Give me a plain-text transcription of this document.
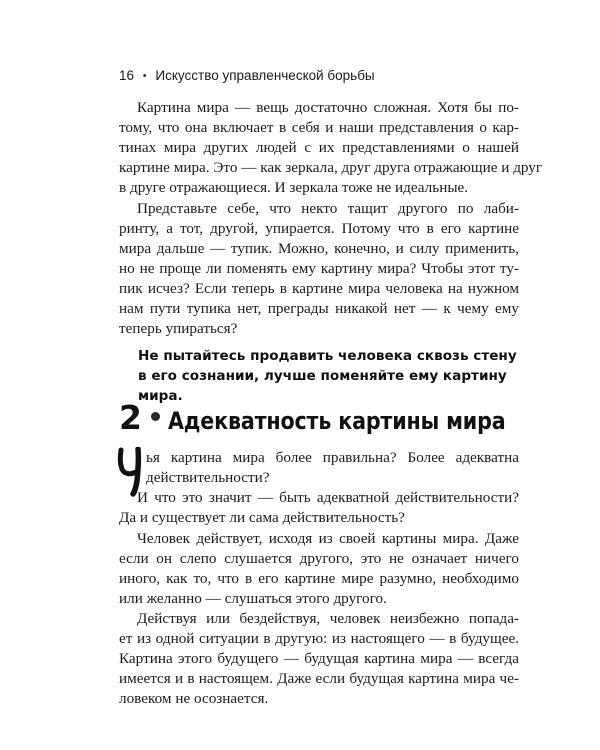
16 • Искусство управленческой борьбы

Картина мира — вещь достаточно сложная. Хотя бы по-

тому, что она включает в себя и наши представления о кар-

тинах мира других людей с их представлениями о нашей

картине мира. Это — как зеркала, друг друга отражающие и друг

в друге отражающиеся. И зеркала тоже не идеальные.

Представьте себе, что некто тащит другого по лаби-

ринту, а тот, другой, упирается. Потому что в его картине

мира дальше — тупик. Можно, конечно, и силу применить,

но не проще ли поменять ему картину мира? Чтобы этот ту-

пик исчез? Если теперь в картине мира человека на нужном

нам пути тупика нет, преграды никакой нет — к чему ему

теперь упираться?

Не пытайтесь продавить человека сквозь стену

в его сознании, лучше поменяйте ему картину

мира.

2 Адекватность картины мира

ья картина мира более правильна? Более адекватна

действительности?

И что это значит — быть адекватной действительности?

Да и существует ли сама действительность?

Человек действует, исходя из своей картины мира. Даже

если он слепо слушается другого, это не означает ничего

иного, как то, что в его картине мире разумно, необходимо

или желанно — слушаться этого другого.

Действуя или бездействуя, человек неизбежно попада-

ет из одной ситуации в другую: из настоящего — в будущее.

Картина этого будущего — будущая картина мира — всегда

имеется и в настоящем. Даже если будущая картина мира че-

ловеком не осознается.
